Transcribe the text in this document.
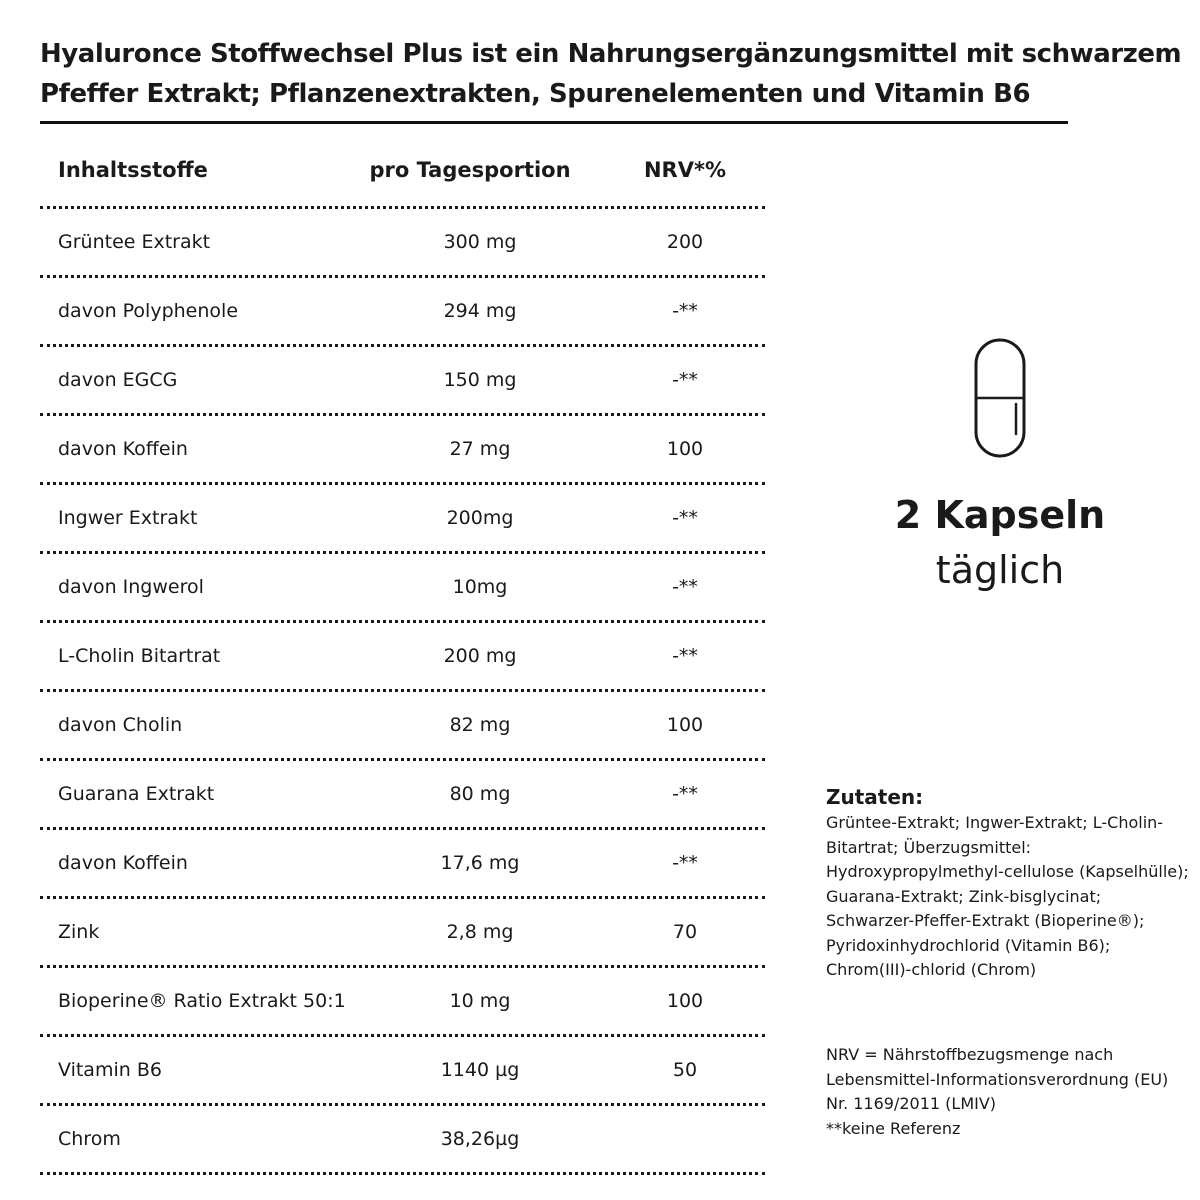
Hyaluronce Stoffwechsel Plus ist ein Nahrungsergänzungsmittel mit schwarzem
Pfeffer Extrakt; Pflanzenextrakten, Spurenelementen und Vitamin B6
Inhaltsstoffe	pro Tagesportion	NRV*%
Grüntee Extrakt	300 mg	200
davon Polyphenole	294 mg	-**
davon EGCG	150 mg	-**
davon Koffein	27 mg	100
Ingwer Extrakt	200mg	-**
davon Ingwerol	10mg	-**
L-Cholin Bitartrat	200 mg	-**
davon Cholin	82 mg	100
Guarana Extrakt	80 mg	-**
davon Koffein	17,6 mg	-**
Zink	2,8 mg	70
Bioperine® Ratio Extrakt 50:1	10 mg	100
Vitamin B6	1140 µg	50
Chrom	38,26µg
2 Kapseln
täglich
Zutaten:
Grüntee-Extrakt; Ingwer-Extrakt; L-Cholin-Bitartrat; Überzugsmittel: Hydroxypropylmethyl-cellulose (Kapselhülle); Guarana-Extrakt; Zink-bisglycinat; Schwarzer-Pfeffer-Extrakt (Bioperine®); Pyridoxinhydrochlorid (Vitamin B6); Chrom(III)-chlorid (Chrom)
NRV = Nährstoffbezugsmenge nach
Lebensmittel-Informationsverordnung (EU)
Nr. 1169/2011 (LMIV)
**keine Referenz
